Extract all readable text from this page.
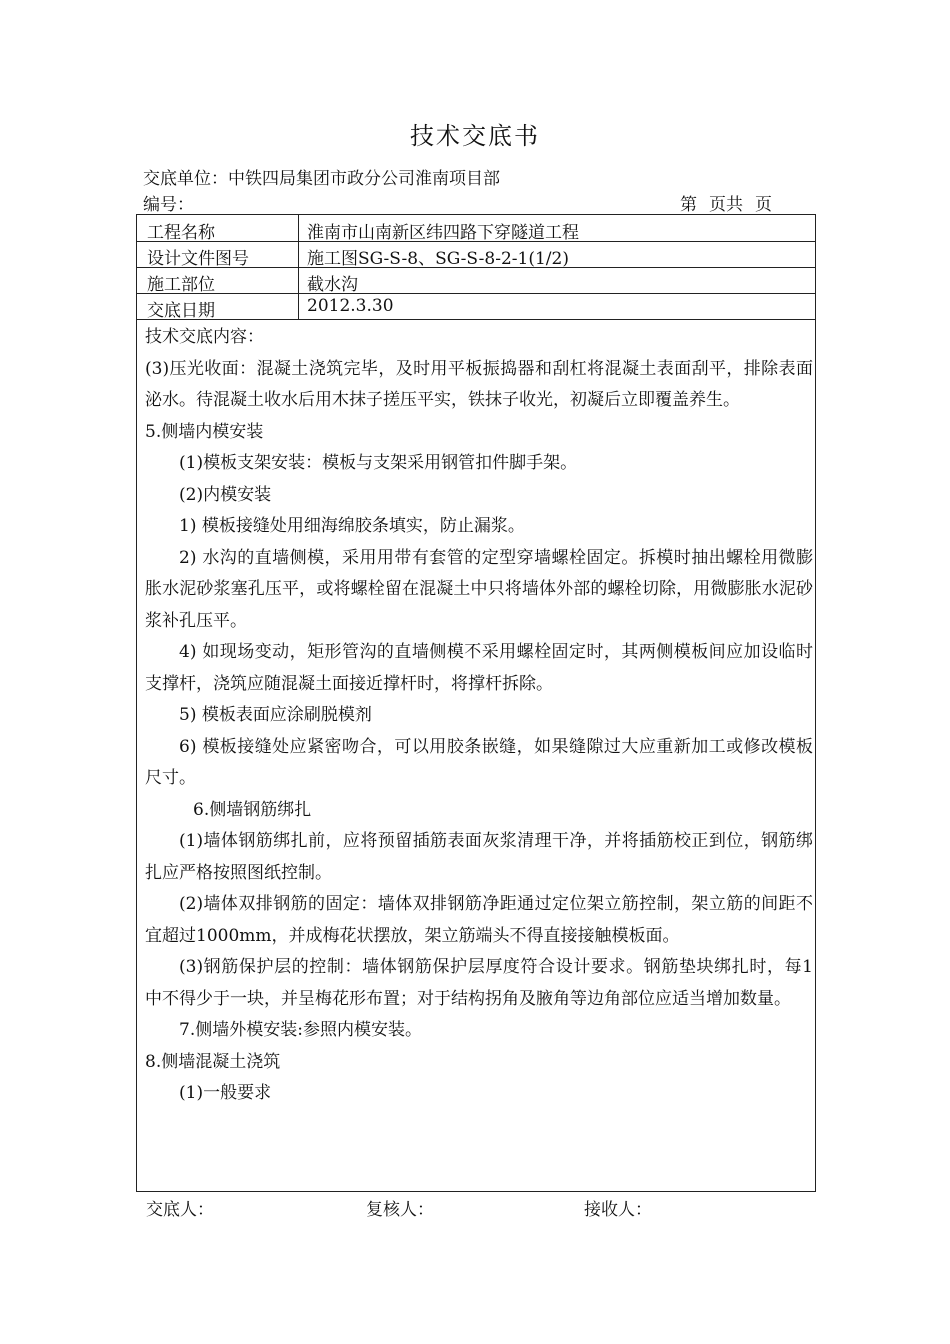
技术交底书
交底单位：中铁四局集团市政分公司淮南项目部
编号：	第 页共 页
工程名称	淮南市山南新区纬四路下穿隧道工程
设计文件图号	施工图SG-S-8、SG-S-8-2-1(1/2)
施工部位	截水沟
交底日期	2012.3.30

技术交底内容：

(3)压光收面：混凝土浇筑完毕，及时用平板振捣器和刮杠将混凝土表面刮平，排除表面泌水。待混凝土收水后用木抹子搓压平实，铁抹子收光，初凝后立即覆盖养生。

5.侧墙内模安装

(1)模板支架安装：模板与支架采用钢管扣件脚手架。

(2)内模安装

1) 模板接缝处用细海绵胶条填实，防止漏浆。

2) 水沟的直墙侧模，采用用带有套管的定型穿墙螺栓固定。拆模时抽出螺栓用微膨胀水泥砂浆塞孔压平，或将螺栓留在混凝土中只将墙体外部的螺栓切除，用微膨胀水泥砂浆补孔压平。

4) 如现场变动，矩形管沟的直墙侧模不采用螺栓固定时，其两侧模板间应加设临时支撑杆，浇筑应随混凝土面接近撑杆时，将撑杆拆除。

5) 模板表面应涂刷脱模剂

6) 模板接缝处应紧密吻合，可以用胶条嵌缝，如果缝隙过大应重新加工或修改模板尺寸。

6.侧墙钢筋绑扎

(1)墙体钢筋绑扎前，应将预留插筋表面灰浆清理干净，并将插筋校正到位，钢筋绑扎应严格按照图纸控制。

(2)墙体双排钢筋的固定：墙体双排钢筋净距通过定位架立筋控制，架立筋的间距不宜超过1000mm，并成梅花状摆放，架立筋端头不得直接接触模板面。

(3)钢筋保护层的控制：墙体钢筋保护层厚度符合设计要求。钢筋垫块绑扎时，每1　中不得少于一块，并呈梅花形布置；对于结构拐角及腋角等边角部位应适当增加数量。

7.侧墙外模安装:参照内模安装。

8.侧墙混凝土浇筑

(1)一般要求

交底人：	复核人：	接收人：
